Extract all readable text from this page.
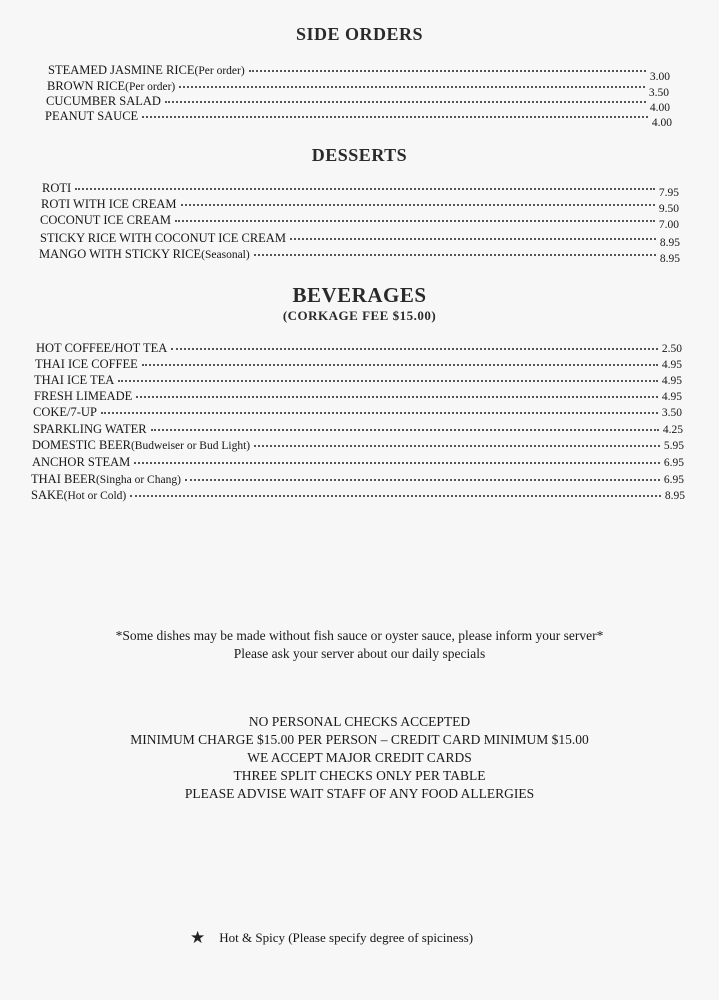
SIDE ORDERS
STEAMED JASMINE RICE (Per order)	3.00
BROWN RICE (Per order)	3.50
CUCUMBER SALAD	4.00
PEANUT SAUCE	4.00
DESSERTS
ROTI	7.95
ROTI WITH ICE CREAM	9.50
COCONUT ICE CREAM	7.00
STICKY RICE WITH COCONUT ICE CREAM	8.95
MANGO WITH STICKY RICE (Seasonal)	8.95
BEVERAGES
(CORKAGE FEE $15.00)
HOT COFFEE/HOT TEA	2.50
THAI ICE COFFEE	4.95
THAI ICE TEA	4.95
FRESH LIMEADE	4.95
COKE/7-UP	3.50
SPARKLING WATER	4.25
DOMESTIC BEER (Budweiser or Bud Light)	5.95
ANCHOR STEAM	6.95
THAI BEER (Singha or Chang)	6.95
SAKE (Hot or Cold)	8.95
*Some dishes may be made without fish sauce or oyster sauce, please inform your server*
Please ask your server about our daily specials
NO PERSONAL CHECKS ACCEPTED
MINIMUM CHARGE $15.00 PER PERSON – CREDIT CARD MINIMUM $15.00
WE ACCEPT MAJOR CREDIT CARDS
THREE SPLIT CHECKS ONLY PER TABLE
PLEASE ADVISE WAIT STAFF OF ANY FOOD ALLERGIES
★ Hot & Spicy (Please specify degree of spiciness)
